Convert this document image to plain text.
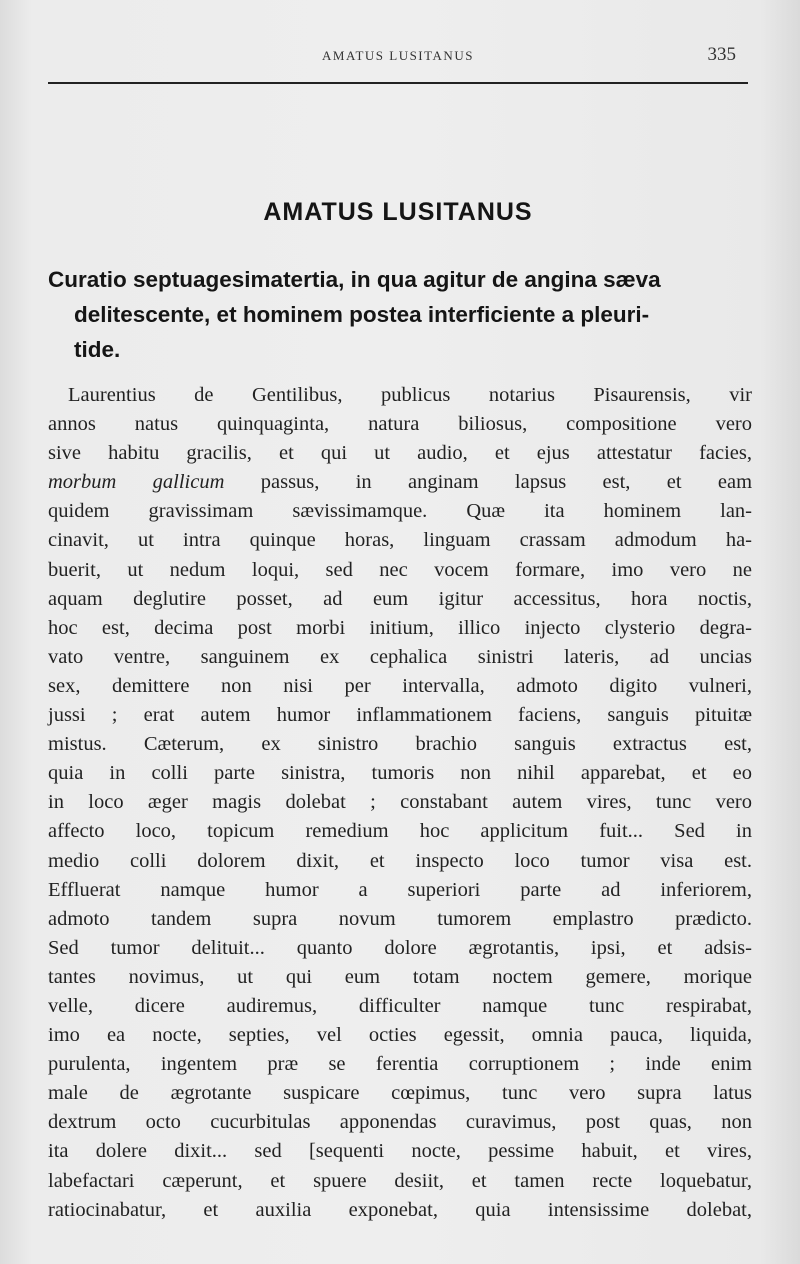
AMATUS LUSITANUS	335
AMATUS LUSITANUS
Curatio septuagesimatertia, in qua agitur de angina sæva
delitescente, et hominem postea interficiente a pleuri-
tide.
Laurentius de Gentilibus, publicus notarius Pisaurensis, vir
annos natus quinquaginta, natura biliosus, compositione vero
sive habitu gracilis, et qui ut audio, et ejus attestatur facies,
morbum gallicum passus, in anginam lapsus est, et eam
quidem gravissimam sævissimamque. Quæ ita hominem lan-
cinavit, ut intra quinque horas, linguam crassam admodum ha-
buerit, ut nedum loqui, sed nec vocem formare, imo vero ne
aquam deglutire posset, ad eum igitur accessitus, hora noctis,
hoc est, decima post morbi initium, illico injecto clysterio degra-
vato ventre, sanguinem ex cephalica sinistri lateris, ad uncias
sex, demittere non nisi per intervalla, admoto digito vulneri,
jussi ; erat autem humor inflammationem faciens, sanguis pituitæ
mistus. Cæterum, ex sinistro brachio sanguis extractus est,
quia in colli parte sinistra, tumoris non nihil apparebat, et eo
in loco æger magis dolebat ; constabant autem vires, tunc vero
affecto loco, topicum remedium hoc applicitum fuit... Sed in
medio colli dolorem dixit, et inspecto loco tumor visa est.
Effluerat namque humor a superiori parte ad inferiorem,
admoto tandem supra novum tumorem emplastro prædicto.
Sed tumor delituit... quanto dolore ægrotantis, ipsi, et adsis-
tantes novimus, ut qui eum totam noctem gemere, morique
velle, dicere audiremus, difficulter namque tunc respirabat,
imo ea nocte, septies, vel octies egessit, omnia pauca, liquida,
purulenta, ingentem præ se ferentia corruptionem ; inde enim
male de ægrotante suspicare cœpimus, tunc vero supra latus
dextrum octo cucurbitulas apponendas curavimus, post quas, non
ita dolere dixit... sed [sequenti nocte, pessime habuit, et vires,
labefactari cæperunt, et spuere desiit, et tamen recte loquebatur,
ratiocinabatur, et auxilia exponebat, quia intensissime dolebat,
